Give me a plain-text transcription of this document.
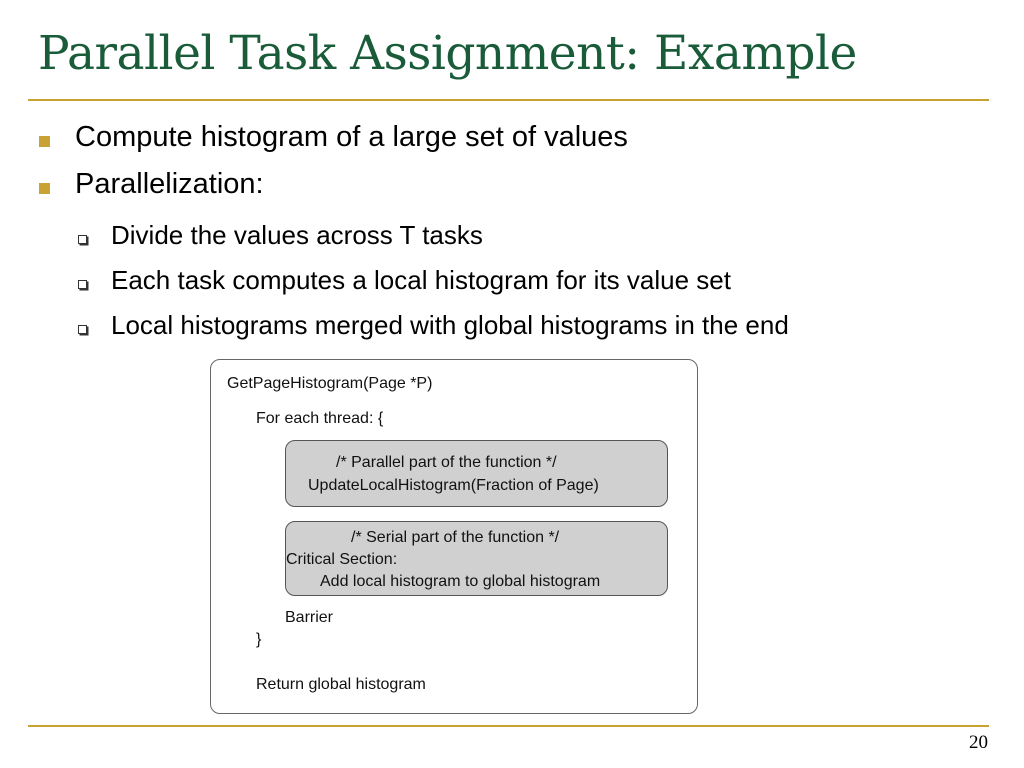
Parallel Task Assignment: Example
Compute histogram of a large set of values
Parallelization:
Divide the values across T tasks
Each task computes a local histogram for its value set
Local histograms merged with global histograms in the end
GetPageHistogram(Page *P)
For each thread: {
/* Parallel part of the function */
UpdateLocalHistogram(Fraction of Page)
/* Serial part of the function */
Critical Section:
Add local histogram to global histogram
Barrier
}
Return global histogram
20
